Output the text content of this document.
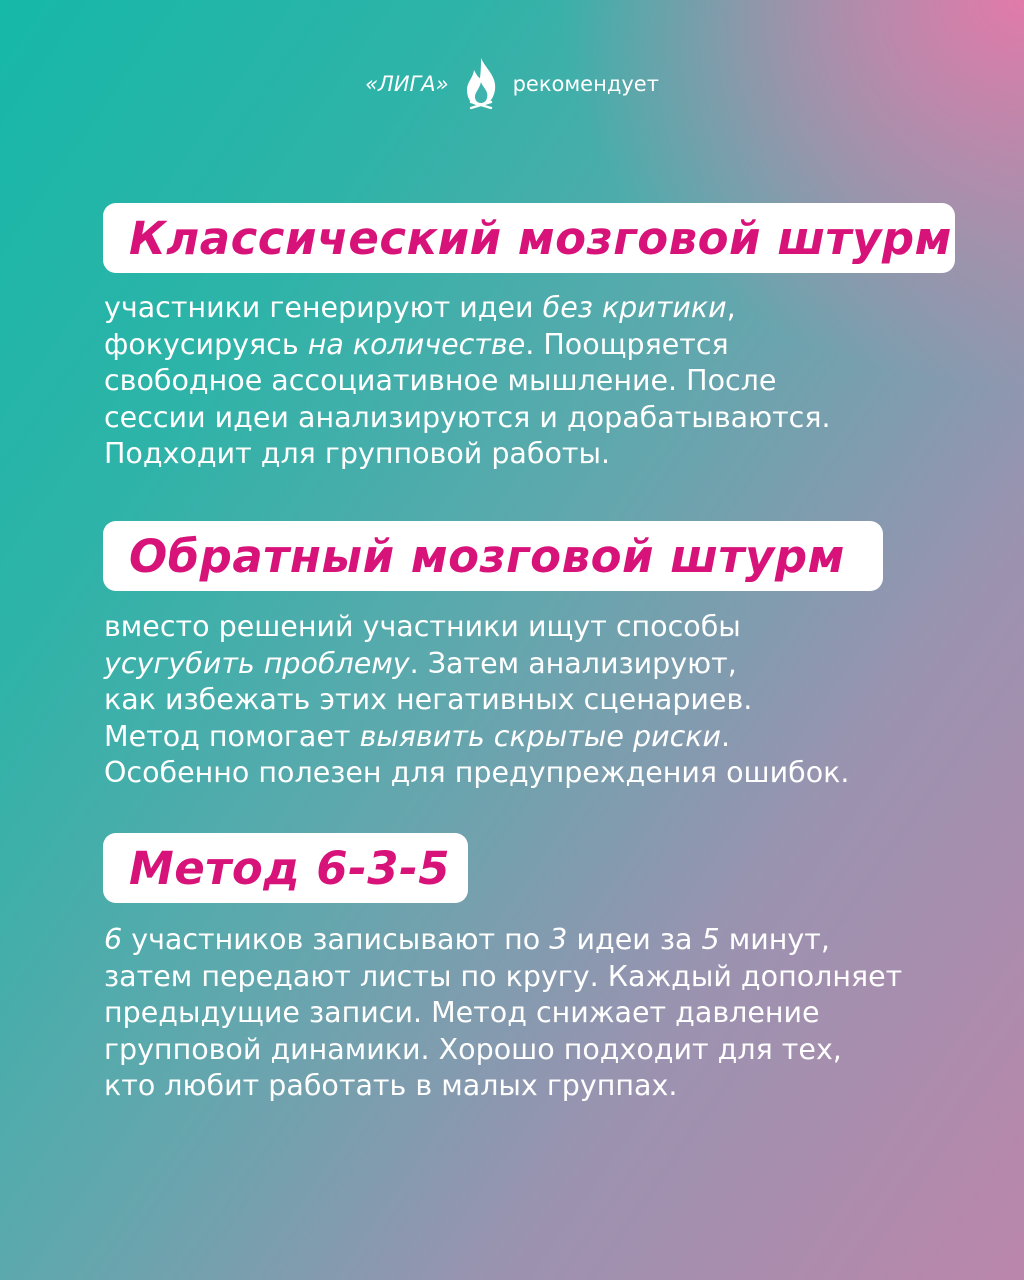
«ЛИГА»	рекомендует
Классический мозговой штурм
участники генерируют идеи без критики,
фокусируясь на количестве. Поощряется
свободное ассоциативное мышление. После
сессии идеи анализируются и дорабатываются.
Подходит для групповой работы.
Обратный мозговой штурм
вместо решений участники ищут способы
усугубить проблему. Затем анализируют,
как избежать этих негативных сценариев.
Метод помогает выявить скрытые риски.
Особенно полезен для предупреждения ошибок.
Метод 6-3-5
6 участников записывают по 3 идеи за 5 минут,
затем передают листы по кругу. Каждый дополняет
предыдущие записи. Метод снижает давление
групповой динамики. Хорошо подходит для тех,
кто любит работать в малых группах.
